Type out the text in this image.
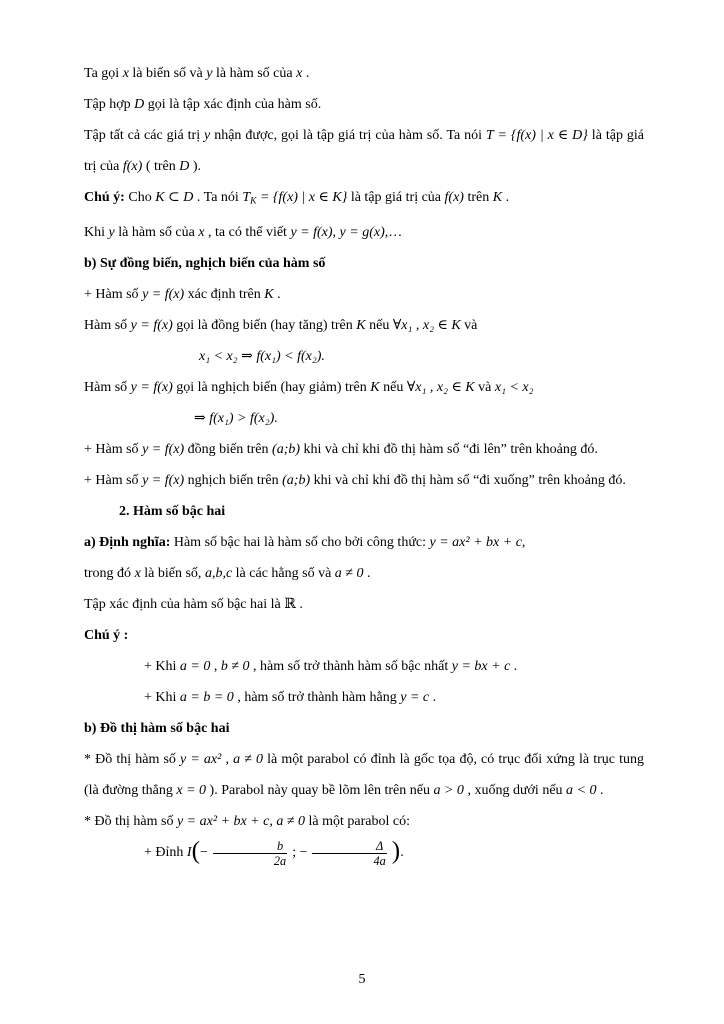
Ta gọi x là biến số và y là hàm số của x .
Tập hợp D gọi là tập xác định của hàm số.
Tập tất cả các giá trị y nhận được, gọi là tập giá trị của hàm số. Ta nói T = {f(x) | x ∈ D} là tập giá trị của f(x) ( trên D ).
Chú ý: Cho K ⊂ D . Ta nói $T_K = \{f(x)$ | x ∈ K} là tập giá trị của f(x) trên K .
Khi y là hàm số của x , ta có thể viết y = f(x), y = g(x),…
b) Sự đồng biến, nghịch biến của hàm số
+ Hàm số y = f(x) xác định trên K .
Hàm số y = f(x) gọi là đồng biến (hay tăng) trên K nếu ∀x₁ , x₂ ∈ K và
x₁ < x₂ ⇒ f(x₁) < f(x₂).
Hàm số y = f(x) gọi là nghịch biến (hay giảm) trên K nếu ∀x₁ , x₂ ∈ K và x₁ < x₂
⇒ f(x₁) > f(x₂).
+ Hàm số y = f(x) đồng biến trên (a;b) khi và chỉ khi đồ thị hàm số “đi lên” trên khoảng đó.
+ Hàm số y = f(x) nghịch biến trên (a;b) khi và chỉ khi đồ thị hàm số “đi xuống” trên khoảng đó.
2. Hàm số bậc hai
a) Định nghĩa: Hàm số bậc hai là hàm số cho bởi công thức: y = ax² + bx + c,
trong đó x là biến số, a,b,c là các hằng số và a ≠ 0 .
Tập xác định của hàm số bậc hai là ℝ .
Chú ý :
+ Khi a = 0 , b ≠ 0 , hàm số trở thành hàm số bậc nhất y = bx + c .
+ Khi a = b = 0 , hàm số trở thành hàm hằng y = c .
b) Đồ thị hàm số bậc hai
* Đồ thị hàm số y = ax² , a ≠ 0 là một parabol có đỉnh là gốc tọa độ, có trục đối xứng là trục tung (là đường thẳng x = 0 ). Parabol này quay bề lõm lên trên nếu a > 0 , xuống dưới nếu a < 0 .
* Đồ thị hàm số y = ax² + bx + c, a ≠ 0 là một parabol có:
+ Đỉnh $I(- \frac{b}{2a}$ ; − $\frac{\Delta}{4a}$ ).
5
